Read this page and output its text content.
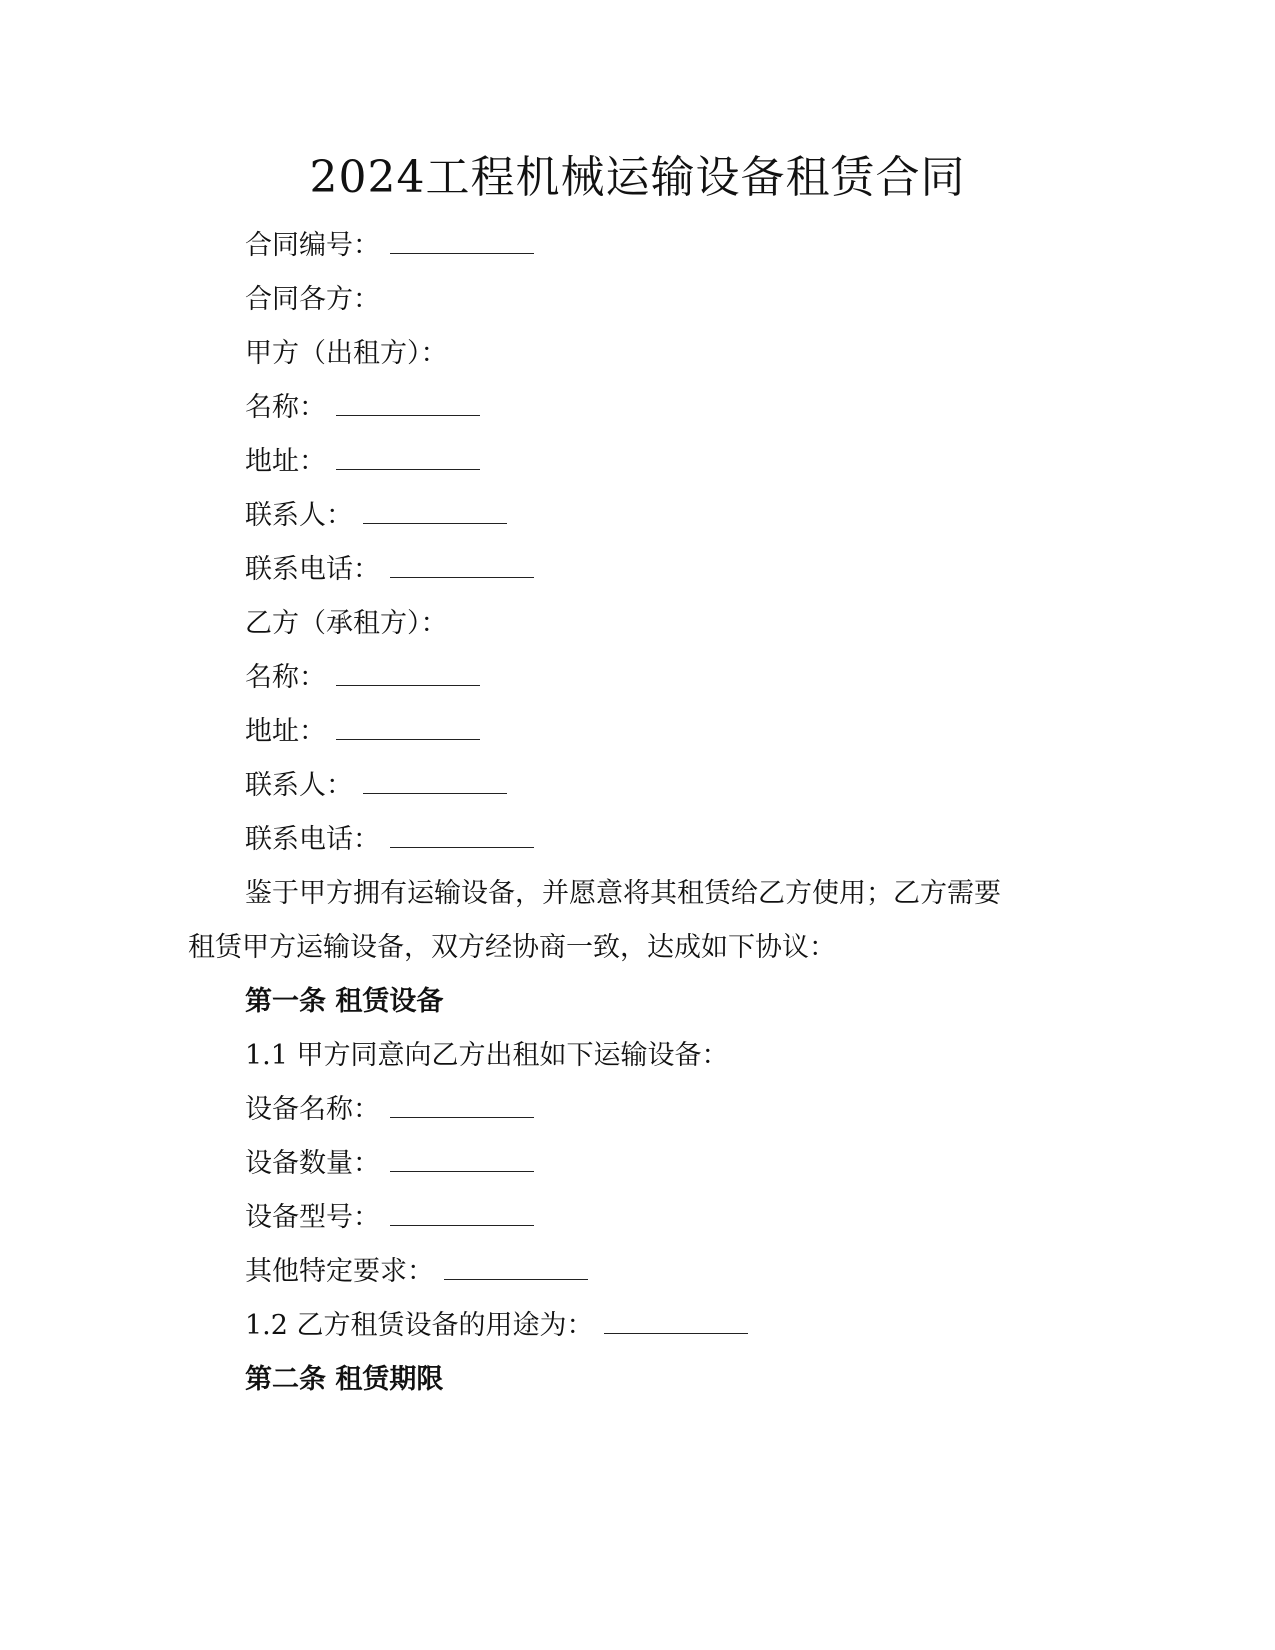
2024工程机械运输设备租赁合同
合同编号：
合同各方：
甲方（出租方）：
名称：
地址：
联系人：
联系电话：
乙方（承租方）：
名称：
地址：
联系人：
联系电话：
鉴于甲方拥有运输设备，并愿意将其租赁给乙方使用；乙方需要
租赁甲方运输设备，双方经协商一致，达成如下协议：
第一条 租赁设备
1.1 甲方同意向乙方出租如下运输设备：
设备名称：
设备数量：
设备型号：
其他特定要求：
1.2 乙方租赁设备的用途为：
第二条 租赁期限
